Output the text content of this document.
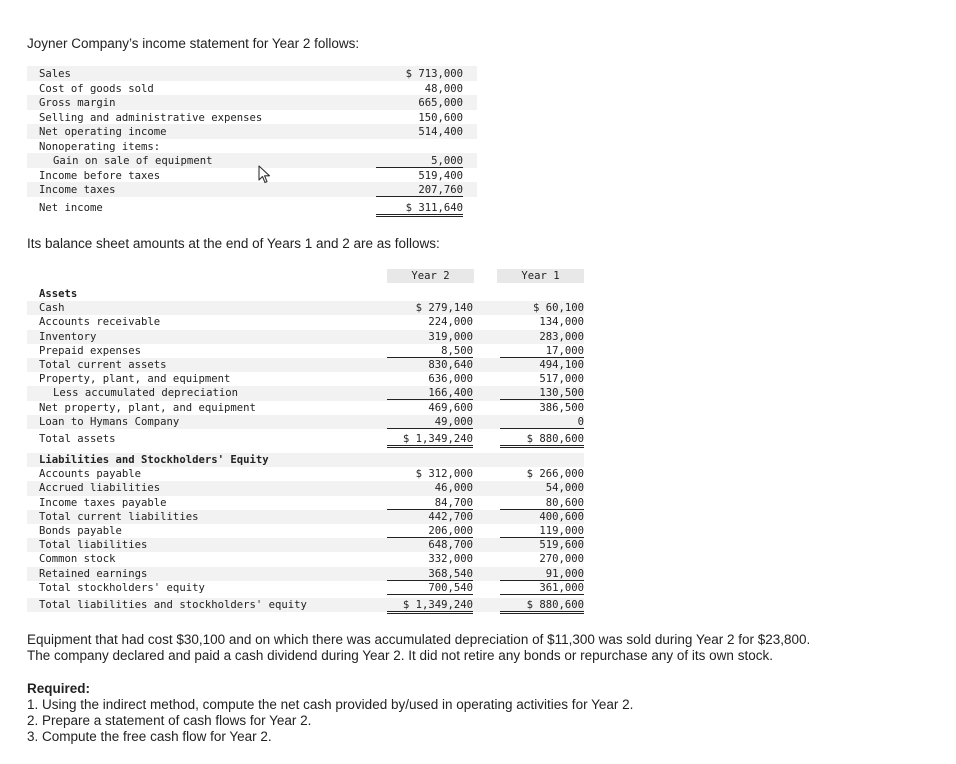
Joyner Company’s income statement for Year 2 follows:
Sales	$ 713,000
Cost of goods sold	48,000
Gross margin	665,000
Selling and administrative expenses	150,600
Net operating income	514,400
Nonoperating items:
Gain on sale of equipment	5,000
Income before taxes	519,400
Income taxes	207,760
Net income	$ 311,640
Its balance sheet amounts at the end of Years 1 and 2 are as follows:
Year 2	Year 1
Assets
Cash	$ 279,140	$ 60,100
Accounts receivable	224,000	134,000
Inventory	319,000	283,000
Prepaid expenses	8,500	17,000
Total current assets	830,640	494,100
Property, plant, and equipment	636,000	517,000
Less accumulated depreciation	166,400	130,500
Net property, plant, and equipment	469,600	386,500
Loan to Hymans Company	49,000	0
Total assets	$ 1,349,240	$ 880,600
Liabilities and Stockholders' Equity
Accounts payable	$ 312,000	$ 266,000
Accrued liabilities	46,000	54,000
Income taxes payable	84,700	80,600
Total current liabilities	442,700	400,600
Bonds payable	206,000	119,000
Total liabilities	648,700	519,600
Common stock	332,000	270,000
Retained earnings	368,540	91,000
Total stockholders' equity	700,540	361,000
Total liabilities and stockholders' equity	$ 1,349,240	$ 880,600
Equipment that had cost $30,100 and on which there was accumulated depreciation of $11,300 was sold during Year 2 for $23,800.
The company declared and paid a cash dividend during Year 2. It did not retire any bonds or repurchase any of its own stock.
Required:
1. Using the indirect method, compute the net cash provided by/used in operating activities for Year 2.
2. Prepare a statement of cash flows for Year 2.
3. Compute the free cash flow for Year 2.
